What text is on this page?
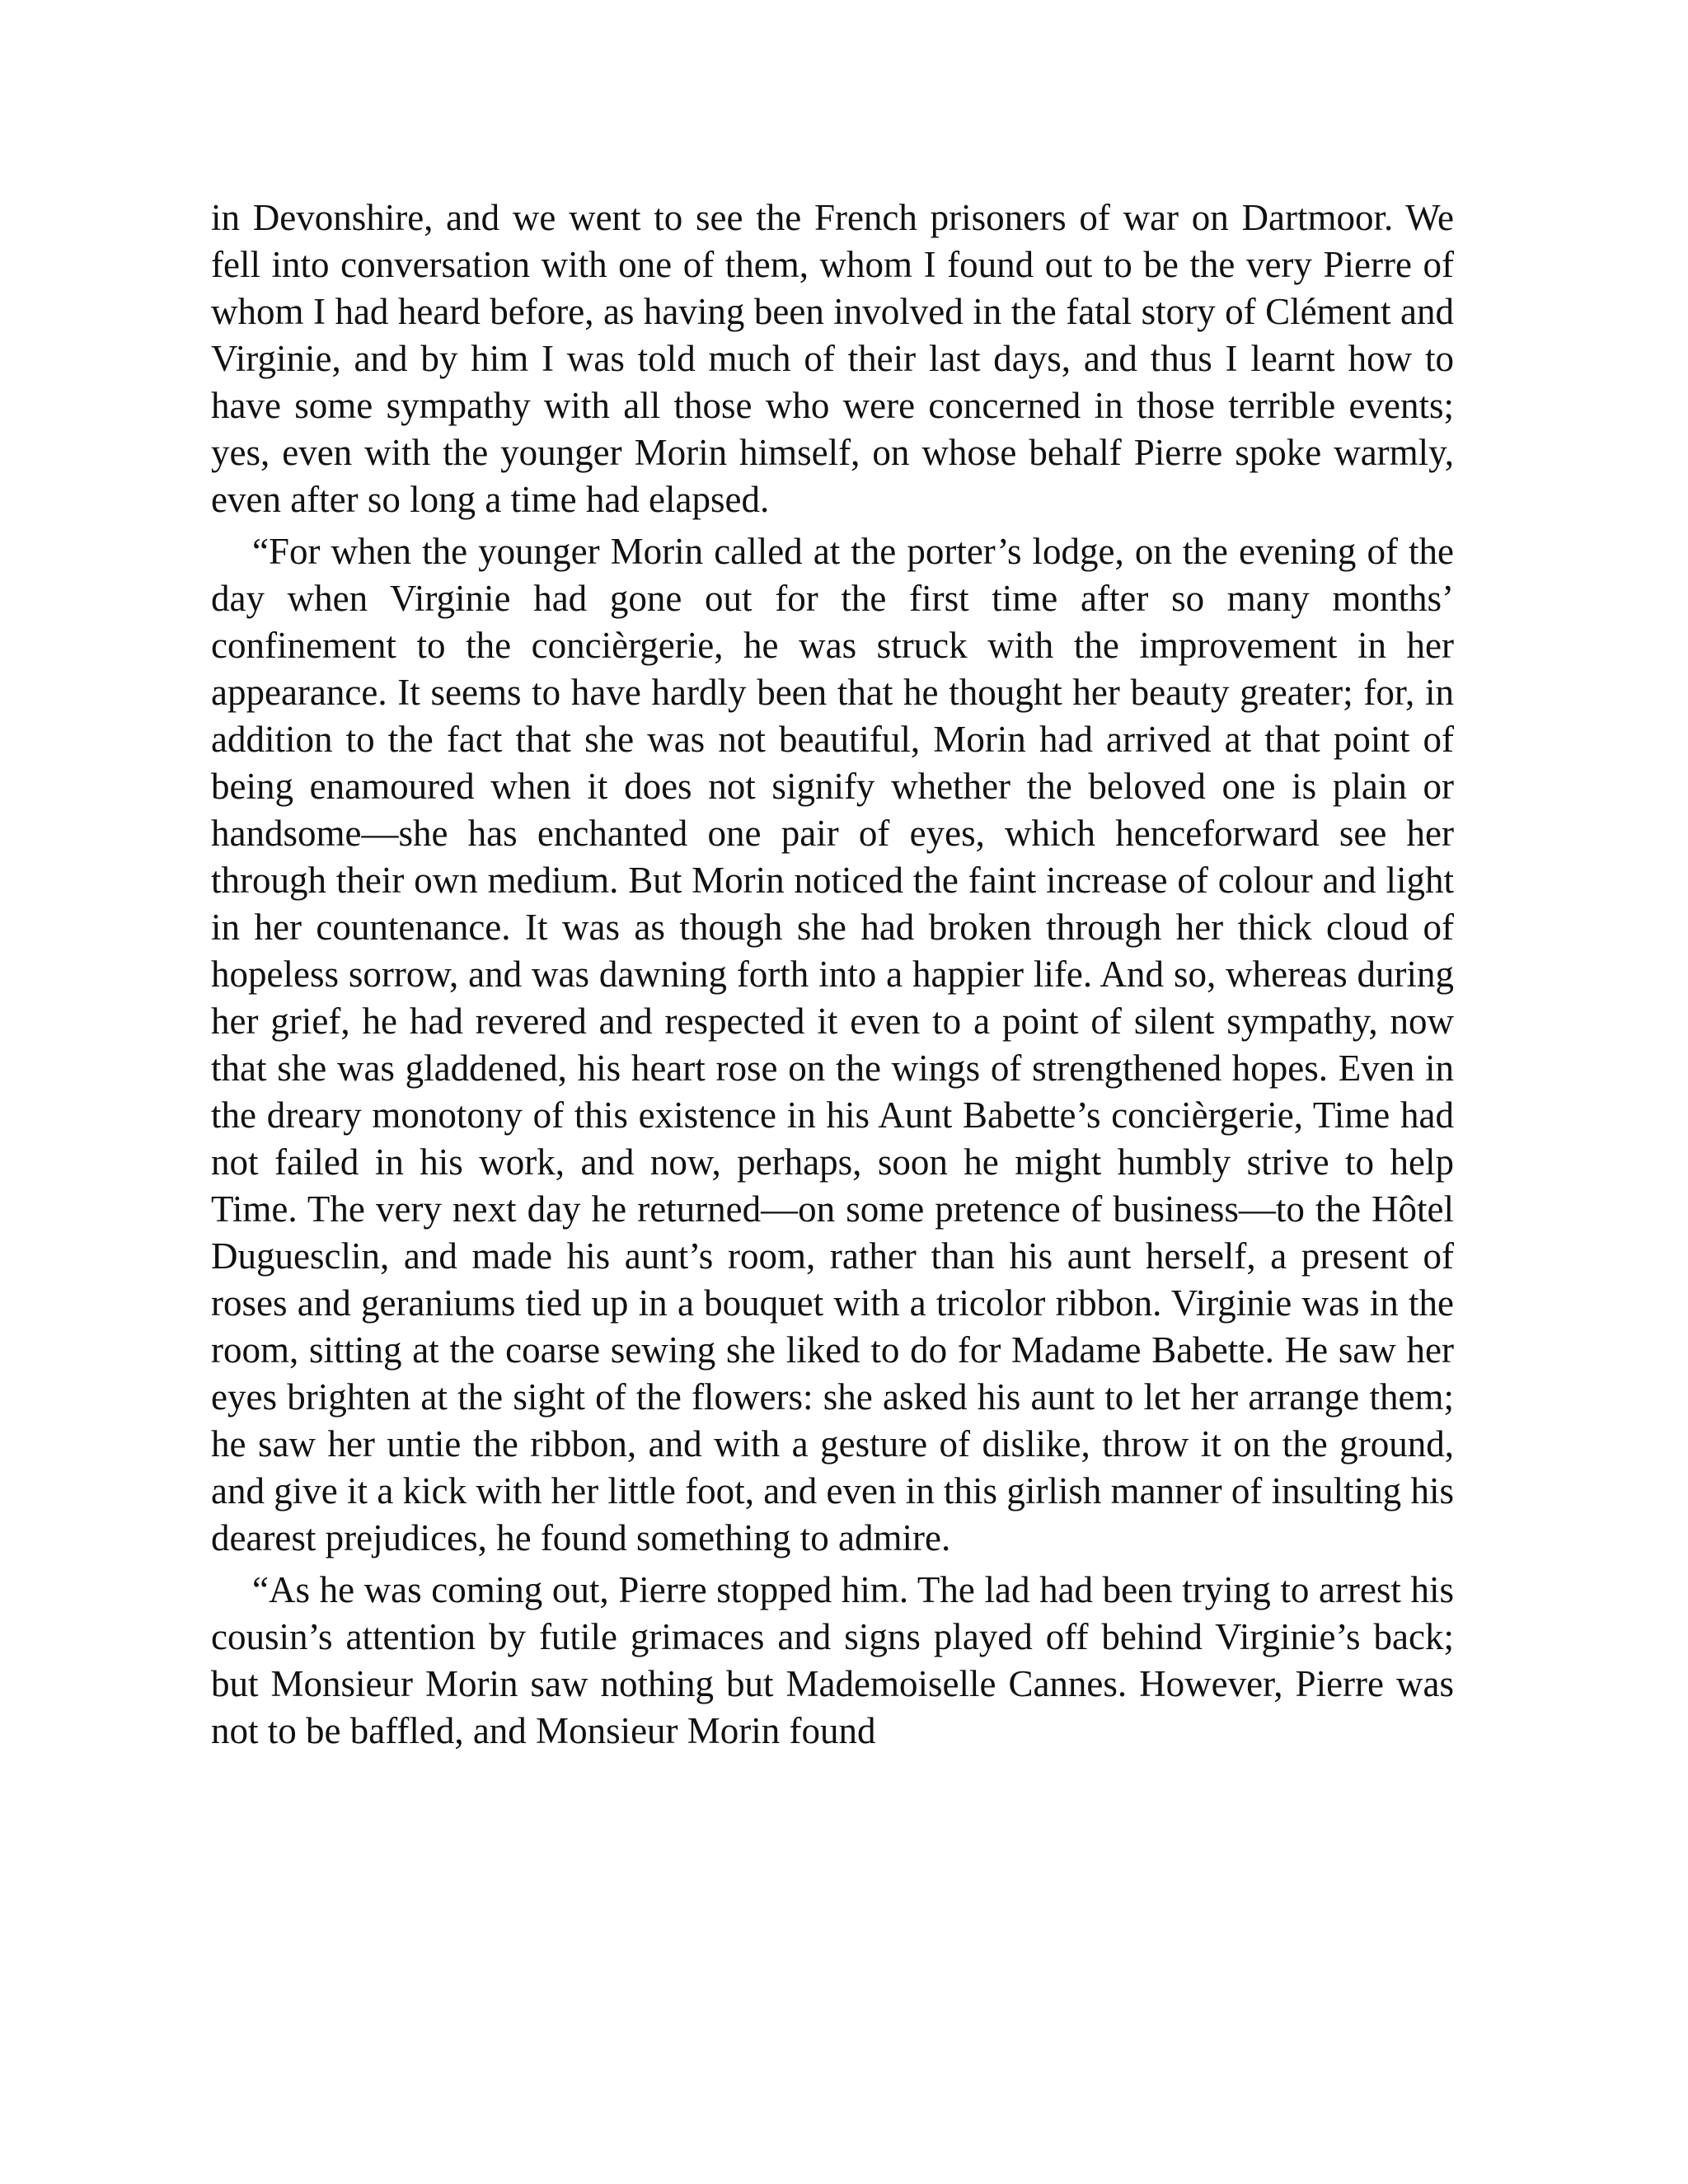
in Devonshire, and we went to see the French prisoners of war on Dartmoor. We fell into conversation with one of them, whom I found out to be the very Pierre of whom I had heard before, as having been involved in the fatal story of Clément and Virginie, and by him I was told much of their last days, and thus I learnt how to have some sympathy with all those who were concerned in those terrible events; yes, even with the younger Morin himself, on whose behalf Pierre spoke warmly, even after so long a time had elapsed.

“For when the younger Morin called at the porter’s lodge, on the evening of the day when Virginie had gone out for the first time after so many months’ confinement to the concièrgerie, he was struck with the improvement in her appearance. It seems to have hardly been that he thought her beauty greater; for, in addition to the fact that she was not beautiful, Morin had arrived at that point of being enamoured when it does not signify whether the beloved one is plain or handsome—she has enchanted one pair of eyes, which henceforward see her through their own medium. But Morin noticed the faint increase of colour and light in her countenance. It was as though she had broken through her thick cloud of hopeless sorrow, and was dawning forth into a happier life. And so, whereas during her grief, he had revered and respected it even to a point of silent sympathy, now that she was gladdened, his heart rose on the wings of strengthened hopes. Even in the dreary monotony of this existence in his Aunt Babette’s concièrgerie, Time had not failed in his work, and now, perhaps, soon he might humbly strive to help Time. The very next day he returned—on some pretence of business—to the Hôtel Duguesclin, and made his aunt’s room, rather than his aunt herself, a present of roses and geraniums tied up in a bouquet with a tricolor ribbon. Virginie was in the room, sitting at the coarse sewing she liked to do for Madame Babette. He saw her eyes brighten at the sight of the flowers: she asked his aunt to let her arrange them; he saw her untie the ribbon, and with a gesture of dislike, throw it on the ground, and give it a kick with her little foot, and even in this girlish manner of insulting his dearest prejudices, he found something to admire.

“As he was coming out, Pierre stopped him. The lad had been trying to arrest his cousin’s attention by futile grimaces and signs played off behind Virginie’s back; but Monsieur Morin saw nothing but Mademoiselle Cannes. However, Pierre was not to be baffled, and Monsieur Morin found
